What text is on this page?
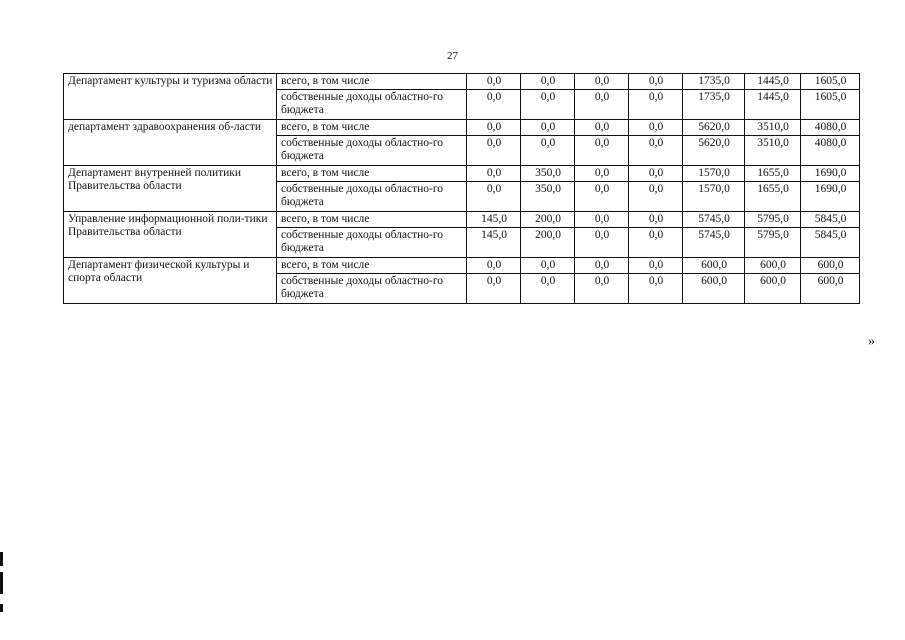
27
Департамент культуры и туризма области	всего, в том числе	0,0	0,0	0,0	0,0	1735,0	1445,0	1605,0
	собственные доходы областно-го бюджета	0,0	0,0	0,0	0,0	1735,0	1445,0	1605,0
департамент здравоохранения об-ласти	всего, в том числе	0,0	0,0	0,0	0,0	5620,0	3510,0	4080,0
	собственные доходы областно-го бюджета	0,0	0,0	0,0	0,0	5620,0	3510,0	4080,0
Департамент внутренней политики Правительства области	всего, в том числе	0,0	350,0	0,0	0,0	1570,0	1655,0	1690,0
	собственные доходы областно-го бюджета	0,0	350,0	0,0	0,0	1570,0	1655,0	1690,0
Управление информационной поли-тики Правительства области	всего, в том числе	145,0	200,0	0,0	0,0	5745,0	5795,0	5845,0
	собственные доходы областно-го бюджета	145,0	200,0	0,0	0,0	5745,0	5795,0	5845,0
Департамент физической культуры и спорта области	всего, в том числе	0,0	0,0	0,0	0,0	600,0	600,0	600,0
	собственные доходы областно-го бюджета	0,0	0,0	0,0	0,0	600,0	600,0	600,0
»
